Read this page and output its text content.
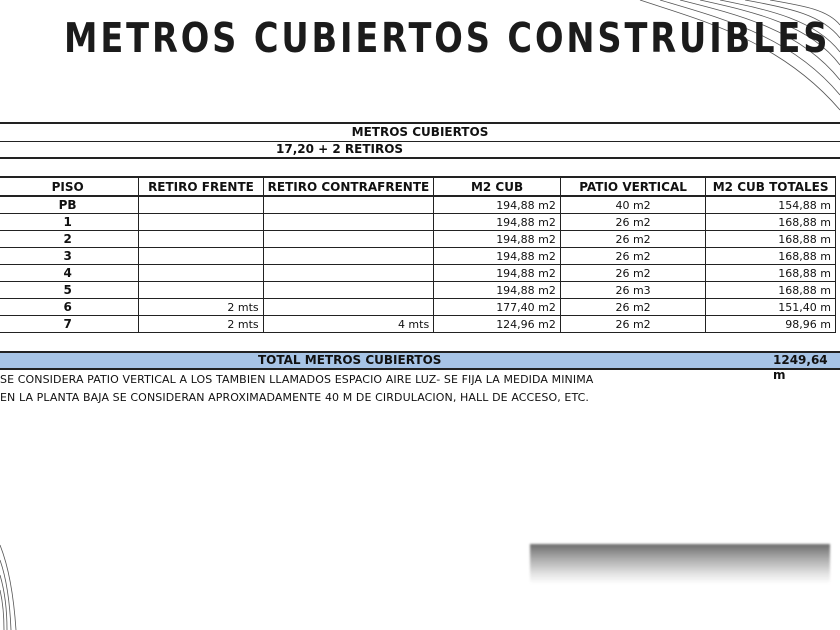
METROS CUBIERTOS CONSTRUIBLES
METROS CUBIERTOS
17,20 + 2 RETIROS
PISO	RETIRO FRENTE	RETIRO CONTRAFRENTE	M2 CUB	PATIO VERTICAL	M2 CUB TOTALES
PB			194,88 m2	40 m2	154,88 m
1			194,88 m2	26 m2	168,88 m
2			194,88 m2	26 m2	168,88 m
3			194,88 m2	26 m2	168,88 m
4			194,88 m2	26 m2	168,88 m
5			194,88 m2	26 m3	168,88 m
6	2 mts		177,40 m2	26 m2	151,40 m
7	2 mts	4 mts	124,96 m2	26 m2	98,96 m
TOTAL METROS CUBIERTOS	1249,64 m
SE CONSIDERA PATIO VERTICAL A LOS TAMBIEN LLAMADOS ESPACIO AIRE LUZ- SE FIJA LA MEDIDA MINIMA
EN LA PLANTA BAJA SE CONSIDERAN APROXIMADAMENTE 40 M DE CIRDULACION, HALL DE ACCESO, ETC.
